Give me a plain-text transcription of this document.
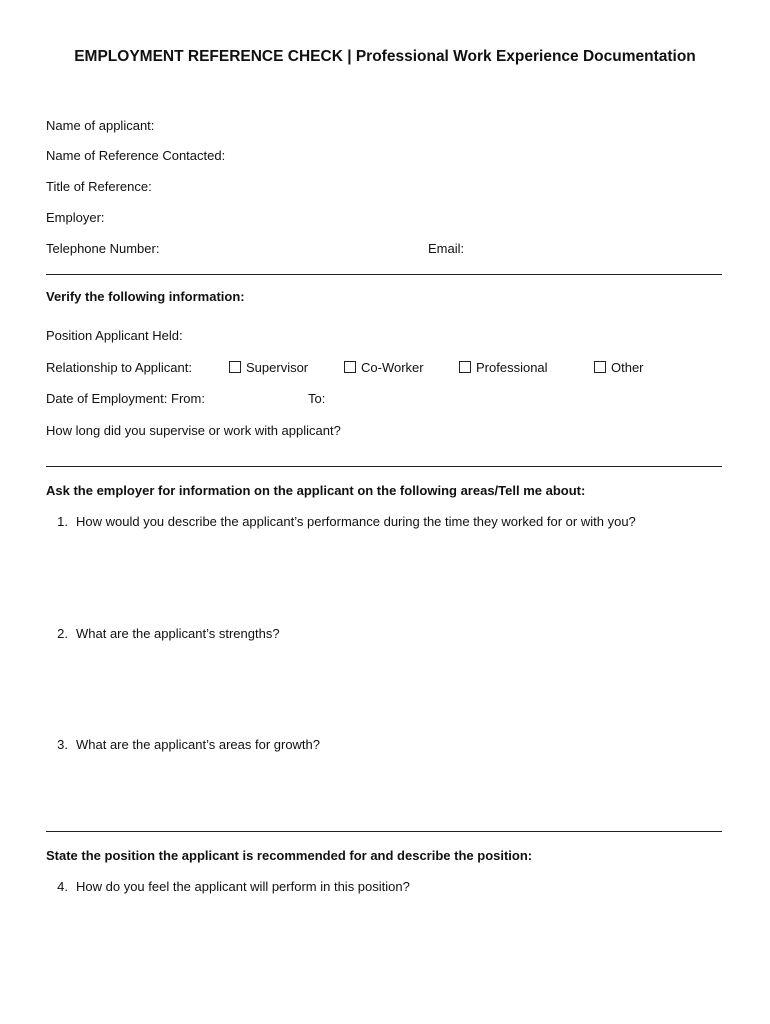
EMPLOYMENT REFERENCE CHECK | Professional Work Experience Documentation
Name of applicant:
Name of Reference Contacted:
Title of Reference:
Employer:
Telephone Number:	Email:
Verify the following information:
Position Applicant Held:
Relationship to Applicant:	Supervisor	Co-Worker	Professional	Other
Date of Employment: From:	To:
How long did you supervise or work with applicant?
Ask the employer for information on the applicant on the following areas/Tell me about:
1. How would you describe the applicant’s performance during the time they worked for or with you?
2. What are the applicant’s strengths?
3. What are the applicant’s areas for growth?
State the position the applicant is recommended for and describe the position:
4. How do you feel the applicant will perform in this position?
